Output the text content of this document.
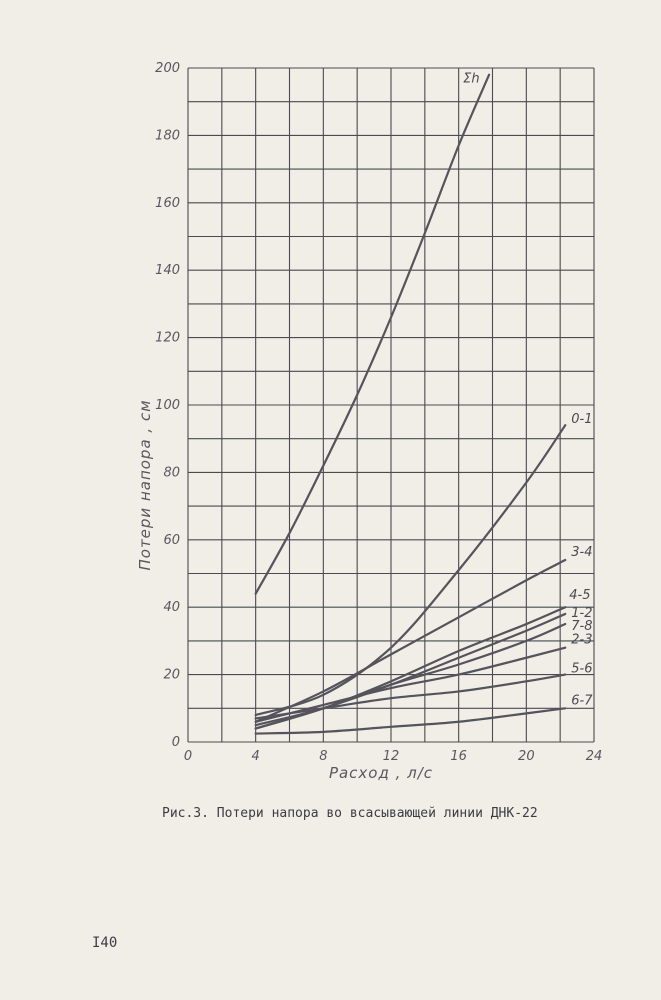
0	4	8	12	16	20	24
0
20
40
60
80
100
120
140
160
180
200
Σh
0-1
3-4
4-5
1-2
7-8
2-3
5-6
6-7
Расход , л/с
Потери напора , см
Рис.3. Потери напора во всасывающей линии ДНК-22
I40
